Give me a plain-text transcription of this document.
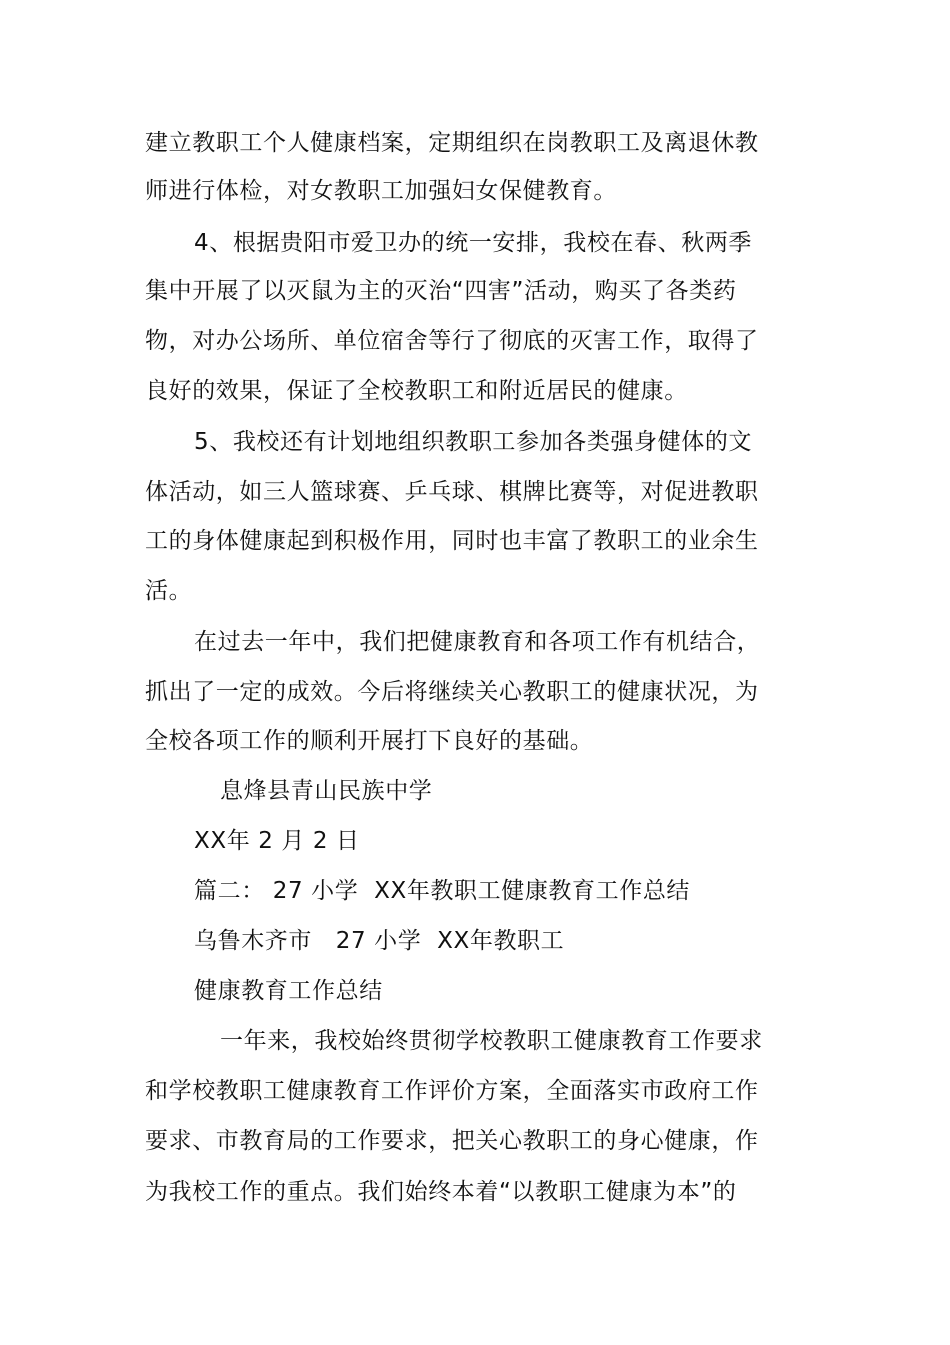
建立教职工个人健康档案，定期组织在岗教职工及离退休教
师进行体检，对女教职工加强妇女保健教育。
4、根据贵阳市爱卫办的统一安排，我校在春、秋两季
集中开展了以灭鼠为主的灭治“四害”活动，购买了各类药
物，对办公场所、单位宿舍等行了彻底的灭害工作，取得了
良好的效果，保证了全校教职工和附近居民的健康。
5、我校还有计划地组织教职工参加各类强身健体的文
体活动，如三人篮球赛、乒乓球、棋牌比赛等，对促进教职
工的身体健康起到积极作用，同时也丰富了教职工的业余生
活。
在过去一年中，我们把健康教育和各项工作有机结合，
抓出了一定的成效。今后将继续关心教职工的健康状况，为
全校各项工作的顺利开展打下良好的基础。
息烽县青山民族中学
XX年 2 月 2 日
篇二： 27 小学  XX年教职工健康教育工作总结
乌鲁木齐市   27 小学  XX年教职工
健康教育工作总结
一年来，我校始终贯彻学校教职工健康教育工作要求
和学校教职工健康教育工作评价方案，全面落实市政府工作
要求、市教育局的工作要求，把关心教职工的身心健康，作
为我校工作的重点。我们始终本着“以教职工健康为本”的
